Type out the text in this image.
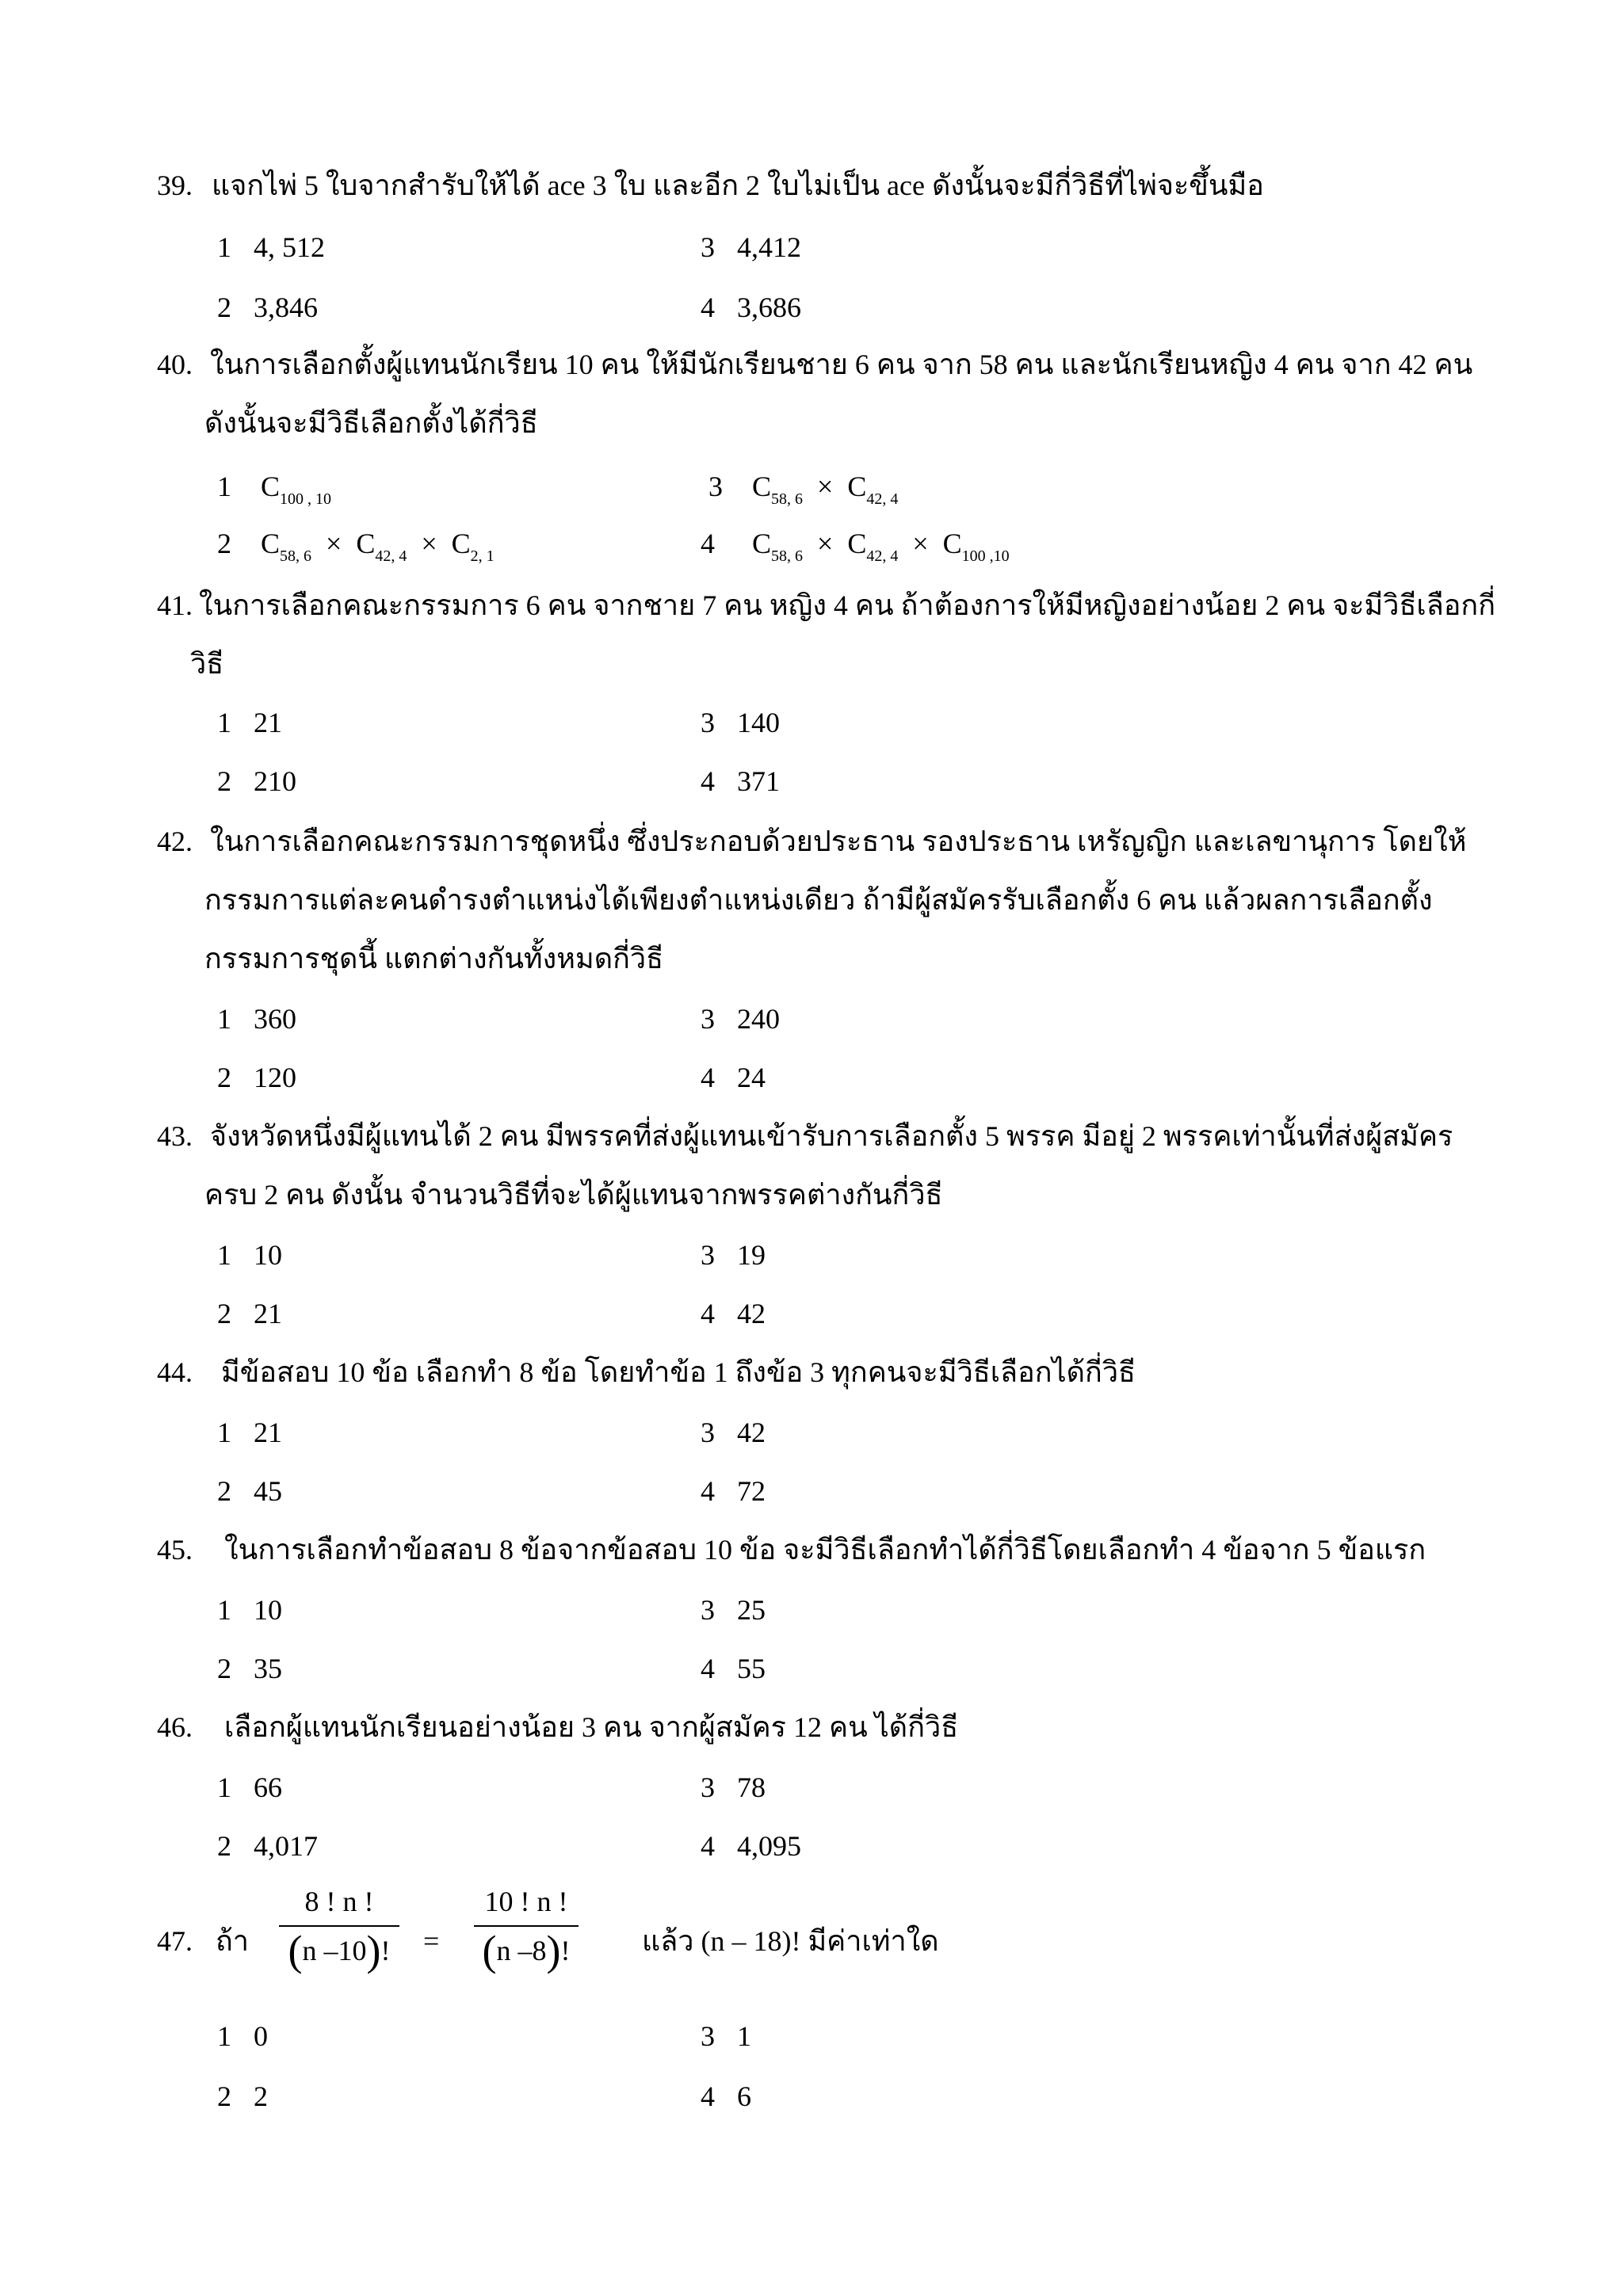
39. แจกไพ่ 5 ใบจากสำรับให้ได้ ace 3 ใบ และอีก 2 ใบไม่เป็น ace ดังนั้นจะมีกี่วิธีที่ไพ่จะขึ้นมือ
1 4, 512	3 4,412
2 3,846	4 3,686
40. ในการเลือกตั้งผู้แทนนักเรียน 10 คน ให้มีนักเรียนชาย 6 คน จาก 58 คน และนักเรียนหญิง 4 คน จาก 42 คน
ดังนั้นจะมีวิธีเลือกตั้งได้กี่วิธี
1 $C_{100 , 10}$	3 $C_{58, 6} \times C_{42, 4}$
2 $C_{58, 6} \times C_{42, 4} \times C_{2, 1}$	4 $C_{58, 6} \times C_{42, 4} \times C_{100 ,10}$
41. ในการเลือกคณะกรรมการ 6 คน จากชาย 7 คน หญิง 4 คน ถ้าต้องการให้มีหญิงอย่างน้อย 2 คน จะมีวิธีเลือกกี่
วิธี
1 21	3 140
2 210	4 371
42. ในการเลือกคณะกรรมการชุดหนึ่ง ซึ่งประกอบด้วยประธาน รองประธาน เหรัญญิก และเลขานุการ โดยให้
กรรมการแต่ละคนดำรงตำแหน่งได้เพียงตำแหน่งเดียว ถ้ามีผู้สมัครรับเลือกตั้ง 6 คน แล้วผลการเลือกตั้ง
กรรมการชุดนี้ แตกต่างกันทั้งหมดกี่วิธี
1 360	3 240
2 120	4 24
43. จังหวัดหนึ่งมีผู้แทนได้ 2 คน มีพรรคที่ส่งผู้แทนเข้ารับการเลือกตั้ง 5 พรรค มีอยู่ 2 พรรคเท่านั้นที่ส่งผู้สมัคร
ครบ 2 คน ดังนั้น จำนวนวิธีที่จะได้ผู้แทนจากพรรคต่างกันกี่วิธี
1 10	3 19
2 21	4 42
44. มีข้อสอบ 10 ข้อ เลือกทำ 8 ข้อ โดยทำข้อ 1 ถึงข้อ 3 ทุกคนจะมีวิธีเลือกได้กี่วิธี
1 21	3 42
2 45	4 72
45. ในการเลือกทำข้อสอบ 8 ข้อจากข้อสอบ 10 ข้อ จะมีวิธีเลือกทำได้กี่วิธีโดยเลือกทำ 4 ข้อจาก 5 ข้อแรก
1 10	3 25
2 35	4 55
46. เลือกผู้แทนนักเรียนอย่างน้อย 3 คน จากผู้สมัคร 12 คน ได้กี่วิธี
1 66	3 78
2 4,017	4 4,095
47. ถ้า
8 ! n !
(n –10)!	=
10 ! n !
(n –8)!	แล้ว (n – 18)! มีค่าเท่าใด
1 0	3 1
2 2	4 6
